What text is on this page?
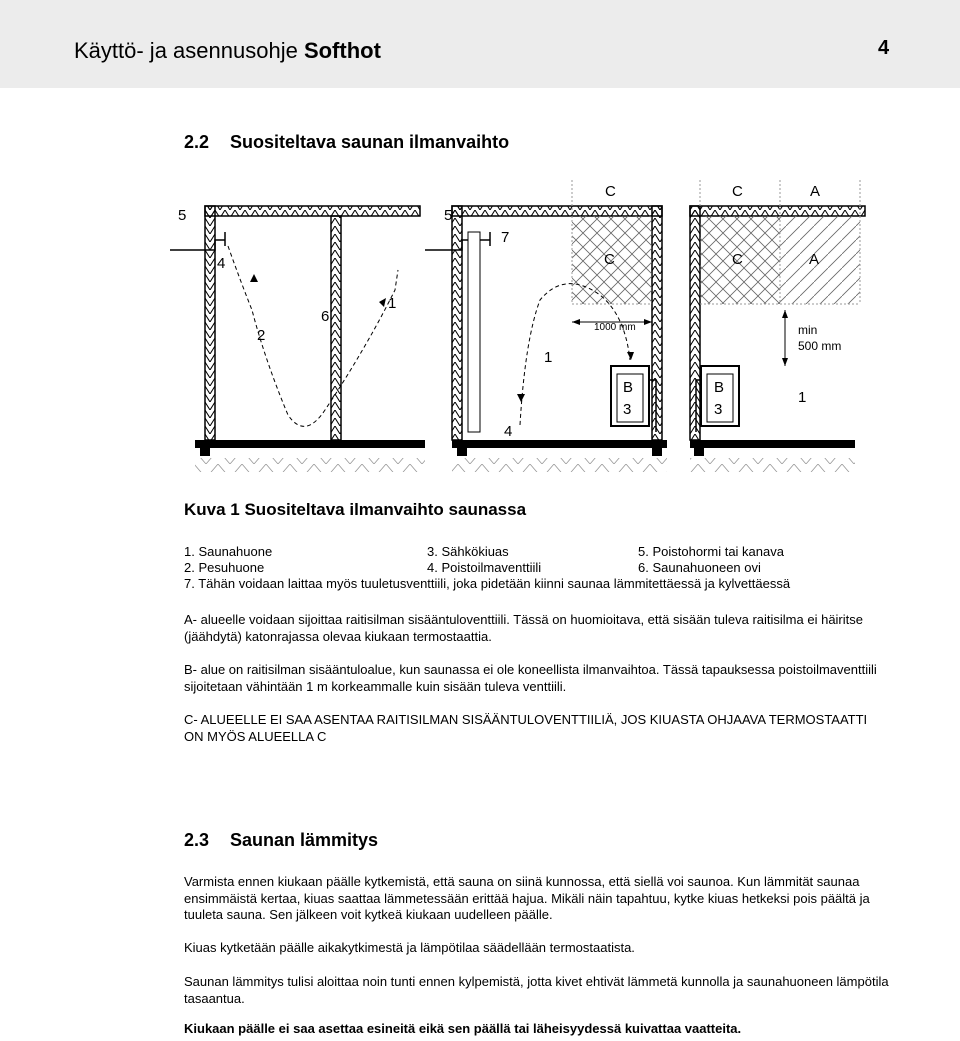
Käyttö- ja asennusohje Softhot	4
2.2 Suositeltava saunan ilmanvaihto
5
4
2
6
1
5
7
1
4
C	C	A
C	C	A
1000 mm	min
500 mm
B
3
B
3
1
Kuva 1 Suositeltava ilmanvaihto saunassa
1. Saunahuone	3. Sähkökiuas	5. Poistohormi tai kanava
2. Pesuhuone	4. Poistoilmaventtiili	6. Saunahuoneen ovi
7. Tähän voidaan laittaa myös tuuletusventtiili, joka pidetään kiinni saunaa lämmitettäessä ja kylvettäessä
A- alueelle voidaan sijoittaa raitisilman sisääntuloventtiili. Tässä on huomioitava, että sisään tuleva raitisilma ei häiritse (jäähdytä) katonrajassa olevaa kiukaan termostaattia.
B- alue on raitisilman sisääntuloalue, kun saunassa ei ole koneellista ilmanvaihtoa. Tässä tapauksessa poistoilmaventtiili sijoitetaan vähintään 1 m korkeammalle kuin sisään tuleva venttiili.
C- ALUEELLE EI SAA ASENTAA RAITISILMAN SISÄÄNTULOVENTTIILIÄ, JOS KIUASTA OHJAAVA TERMOSTAATTI ON MYÖS ALUEELLA C
2.3 Saunan lämmitys
Varmista ennen kiukaan päälle kytkemistä, että sauna on siinä kunnossa, että siellä voi saunoa. Kun lämmität saunaa ensimmäistä kertaa, kiuas saattaa lämmetessään erittää hajua. Mikäli näin tapahtuu, kytke kiuas hetkeksi pois päältä ja tuuleta sauna. Sen jälkeen voit kytkeä kiukaan uudelleen päälle.
Kiuas kytketään päälle aikakytkimestä ja lämpötilaa säädellään termostaatista.
Saunan lämmitys tulisi aloittaa noin tunti ennen kylpemistä, jotta kivet ehtivät lämmetä kunnolla ja saunahuoneen lämpötila tasaantua.
Kiukaan päälle ei saa asettaa esineitä eikä sen päällä tai läheisyydessä kuivattaa vaatteita.
